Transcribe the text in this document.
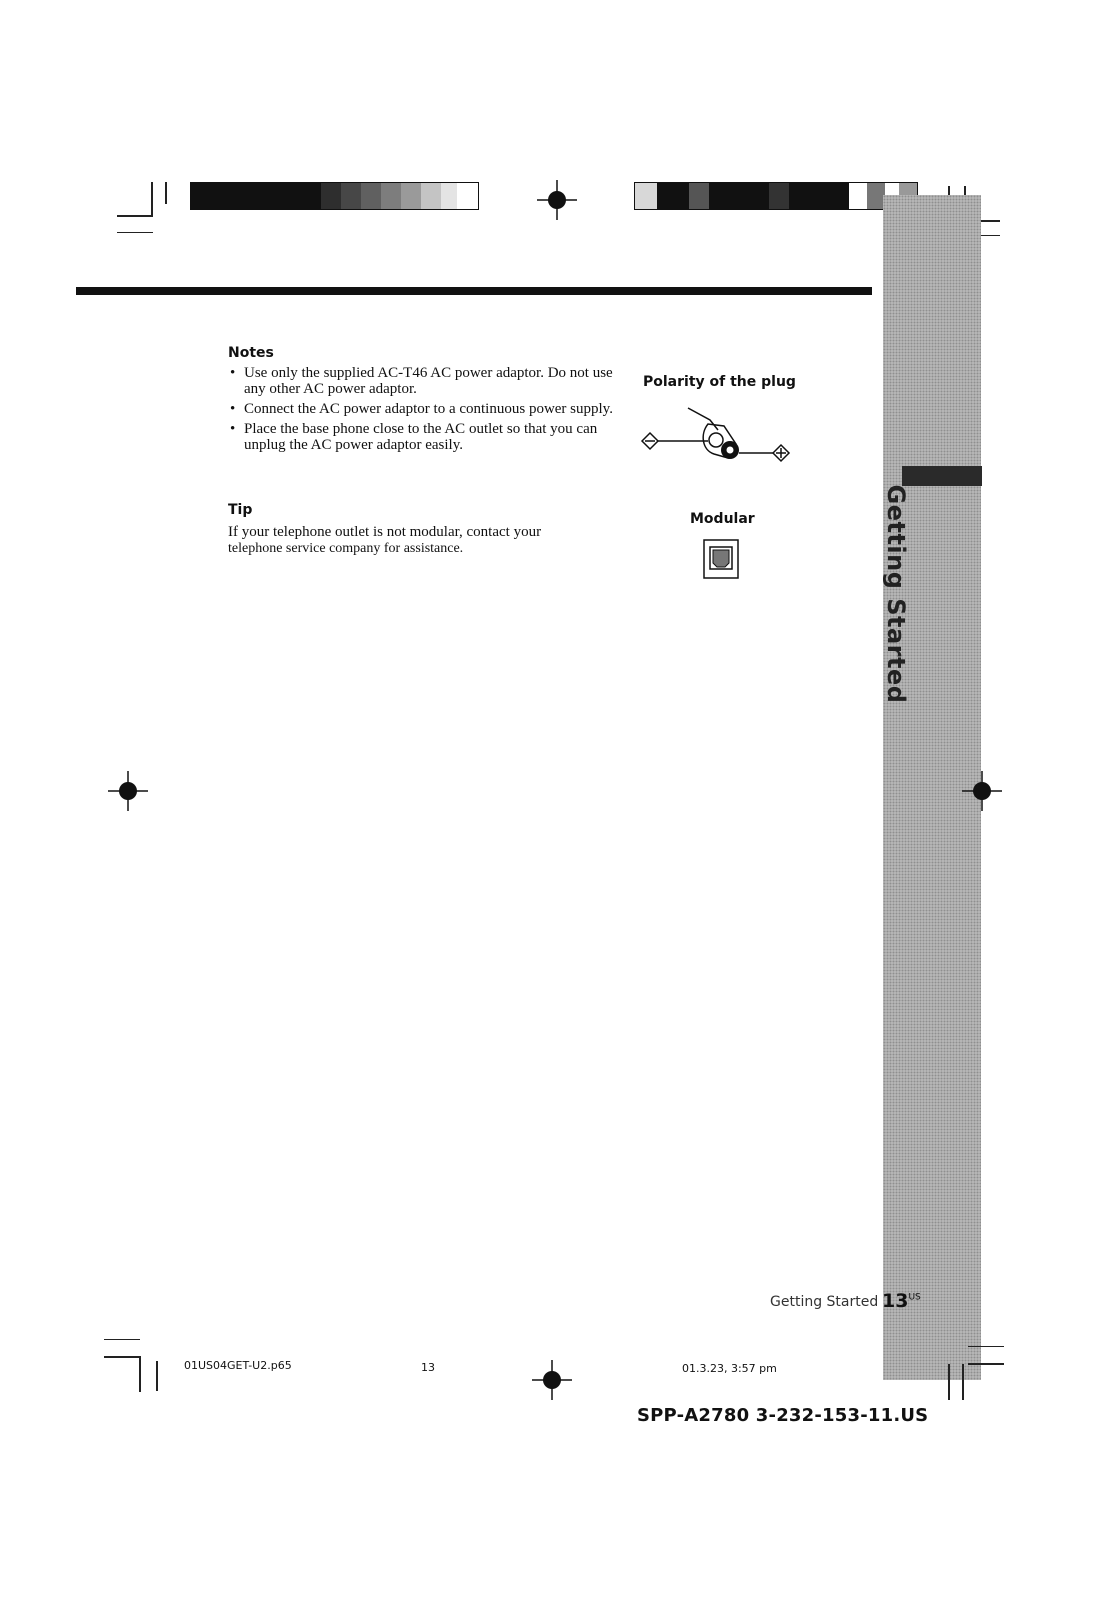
Getting Started
Notes
• Use only the supplied AC-T46 AC power adaptor. Do not use any other AC power adaptor.
• Connect the AC power adaptor to a continuous power supply.
• Place the base phone close to the AC outlet so that you can unplug the AC power adaptor easily.
Tip
If your telephone outlet is not modular, contact your
telephone service company for assistance.
Polarity of the plug
Modular
Getting Started $13^{US}$
01US04GET-U2.p65	13	01.3.23, 3:57 pm
SPP-A2780 3-232-153-11.US
